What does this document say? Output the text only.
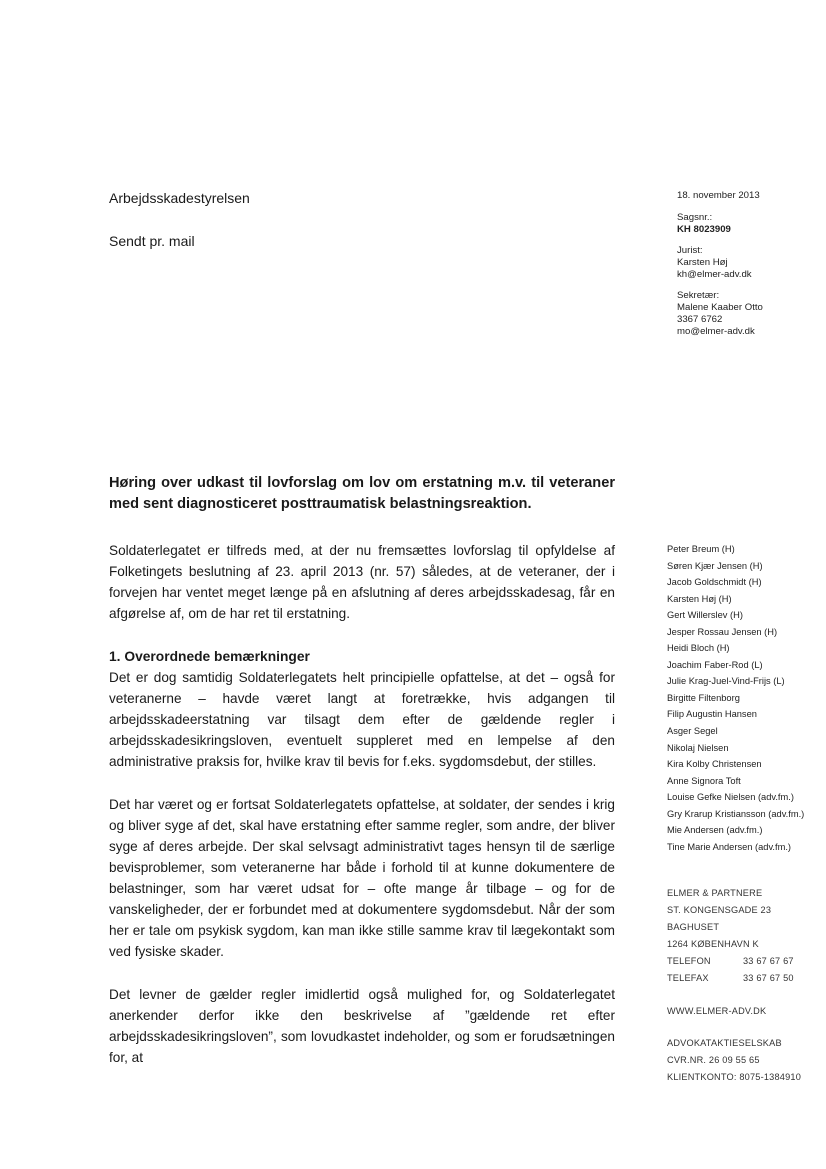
Arbejdsskadestyrelsen
Sendt pr. mail
18. november 2013
Sagsnr.:
KH 8023909
Jurist:
Karsten Høj
kh@elmer-adv.dk
Sekretær:
Malene Kaaber Otto
3367 6762
mo@elmer-adv.dk
Høring over udkast til lovforslag om lov om erstatning m.v. til veteraner med sent diagnosticeret posttraumatisk belastningsreaktion.

Soldaterlegatet er tilfreds med, at der nu fremsættes lovforslag til opfyldelse af Folketingets beslutning af 23. april 2013 (nr. 57) således, at de veteraner, der i forvejen har ventet meget længe på en afslutning af deres arbejdsskadesag, får en afgørelse af, om de har ret til erstatning.

1. Overordnede bemærkninger

Det er dog samtidig Soldaterlegatets helt principielle opfattelse, at det – også for veteranerne – havde været langt at foretrække, hvis adgangen til arbejdsskadeerstatning var tilsagt dem efter de gældende regler i arbejdsskadesikringsloven, eventuelt suppleret med en lempelse af den administrative praksis for, hvilke krav til bevis for f.eks. sygdomsdebut, der stilles.

Det har været og er fortsat Soldaterlegatets opfattelse, at soldater, der sendes i krig og bliver syge af det, skal have erstatning efter samme regler, som andre, der bliver syge af deres arbejde. Der skal selvsagt administrativt tages hensyn til de særlige bevisproblemer, som veteranerne har både i forhold til at kunne dokumentere de belastninger, som har været udsat for – ofte mange år tilbage – og for de vanskeligheder, der er forbundet med at dokumentere sygdomsdebut. Når der som her er tale om psykisk sygdom, kan man ikke stille samme krav til lægekontakt som ved fysiske skader.

Det levner de gælder regler imidlertid også mulighed for, og Soldaterlegatet anerkender derfor ikke den beskrivelse af ”gældende ret efter arbejdsskadesikringsloven”, som lovudkastet indeholder, og som er forudsætningen for, at

Peter Breum (H)
Søren Kjær Jensen (H)
Jacob Goldschmidt (H)
Karsten Høj (H)
Gert Willerslev (H)
Jesper Rossau Jensen (H)
Heidi Bloch (H)
Joachim Faber-Rod (L)
Julie Krag-Juel-Vind-Frijs (L)
Birgitte Filtenborg
Filip Augustin Hansen
Asger Segel
Nikolaj Nielsen
Kira Kolby Christensen
Anne Signora Toft
Louise Gefke Nielsen (adv.fm.)
Gry Krarup Kristiansson (adv.fm.)
Mie Andersen (adv.fm.)
Tine Marie Andersen (adv.fm.)
ELMER & PARTNERE
ST. KONGENSGADE 23
BAGHUSET
1264 KØBENHAVN K
TELEFON	33 67 67 67
TELEFAX	33 67 67 50
WWW.ELMER-ADV.DK
ADVOKATAKTIESELSKAB
CVR.NR. 26 09 55 65
KLIENTKONTO: 8075-1384910
